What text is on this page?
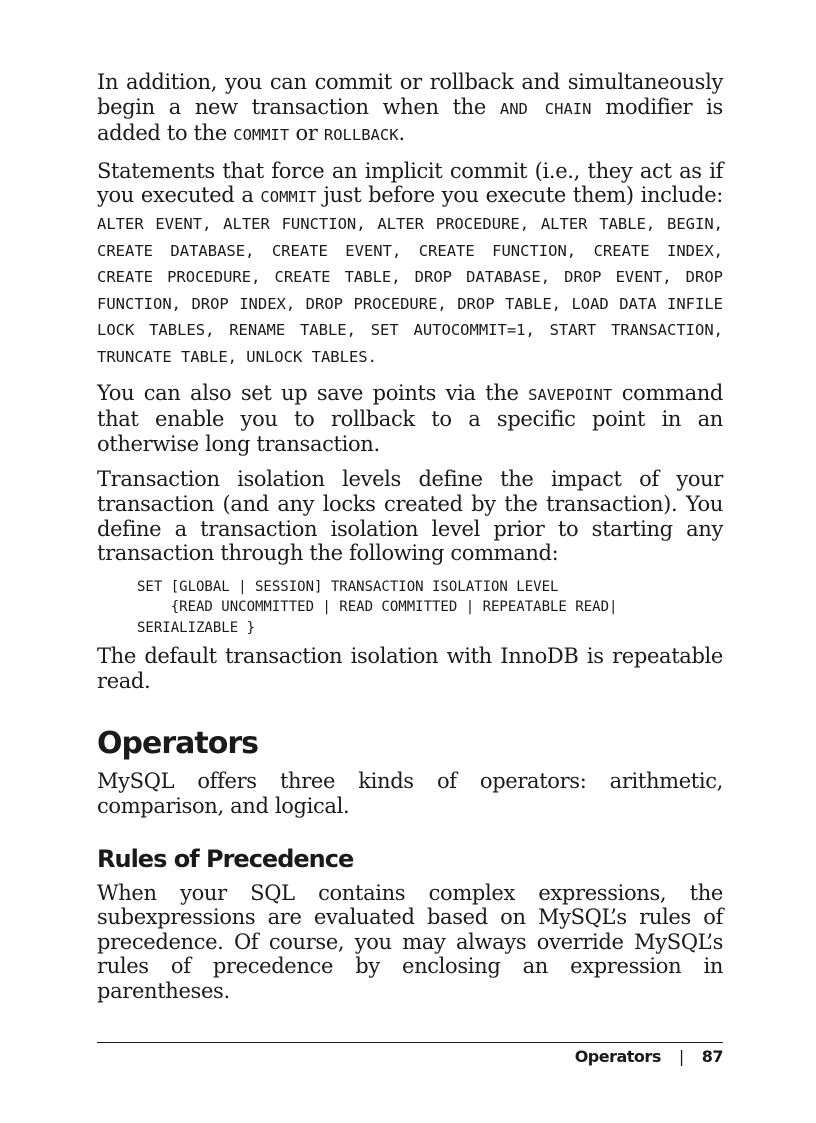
In addition, you can commit or rollback and simultaneously begin a new transaction when the AND CHAIN modifier is added to the COMMIT or ROLLBACK.

Statements that force an implicit commit (i.e., they act as if you executed a COMMIT just before you execute them) include: ALTER EVENT, ALTER FUNCTION, ALTER PROCEDURE, ALTER TABLE, BEGIN, CREATE DATABASE, CREATE EVENT, CREATE FUNCTION, CREATE INDEX, CREATE PROCEDURE, CREATE TABLE, DROP DATABASE, DROP EVENT, DROP FUNCTION, DROP INDEX, DROP PROCEDURE, DROP TABLE, LOAD DATA INFILE LOCK TABLES, RENAME TABLE, SET AUTOCOMMIT=1, START TRANSACTION, TRUNCATE TABLE, UNLOCK TABLES.

You can also set up save points via the SAVEPOINT command that enable you to rollback to a specific point in an otherwise long transaction.

Transaction isolation levels define the impact of your transaction (and any locks created by the transaction). You define a transaction isolation level prior to starting any transaction through the following command:

SET [GLOBAL | SESSION] TRANSACTION ISOLATION LEVEL
{READ UNCOMMITTED | READ COMMITTED | REPEATABLE READ|
SERIALIZABLE }

The default transaction isolation with InnoDB is repeatable read.

Operators

MySQL offers three kinds of operators: arithmetic, comparison, and logical.

Rules of Precedence

When your SQL contains complex expressions, the subexpressions are evaluated based on MySQL’s rules of precedence. Of course, you may always override MySQL’s rules of precedence by enclosing an expression in parentheses.

Operators | 87
